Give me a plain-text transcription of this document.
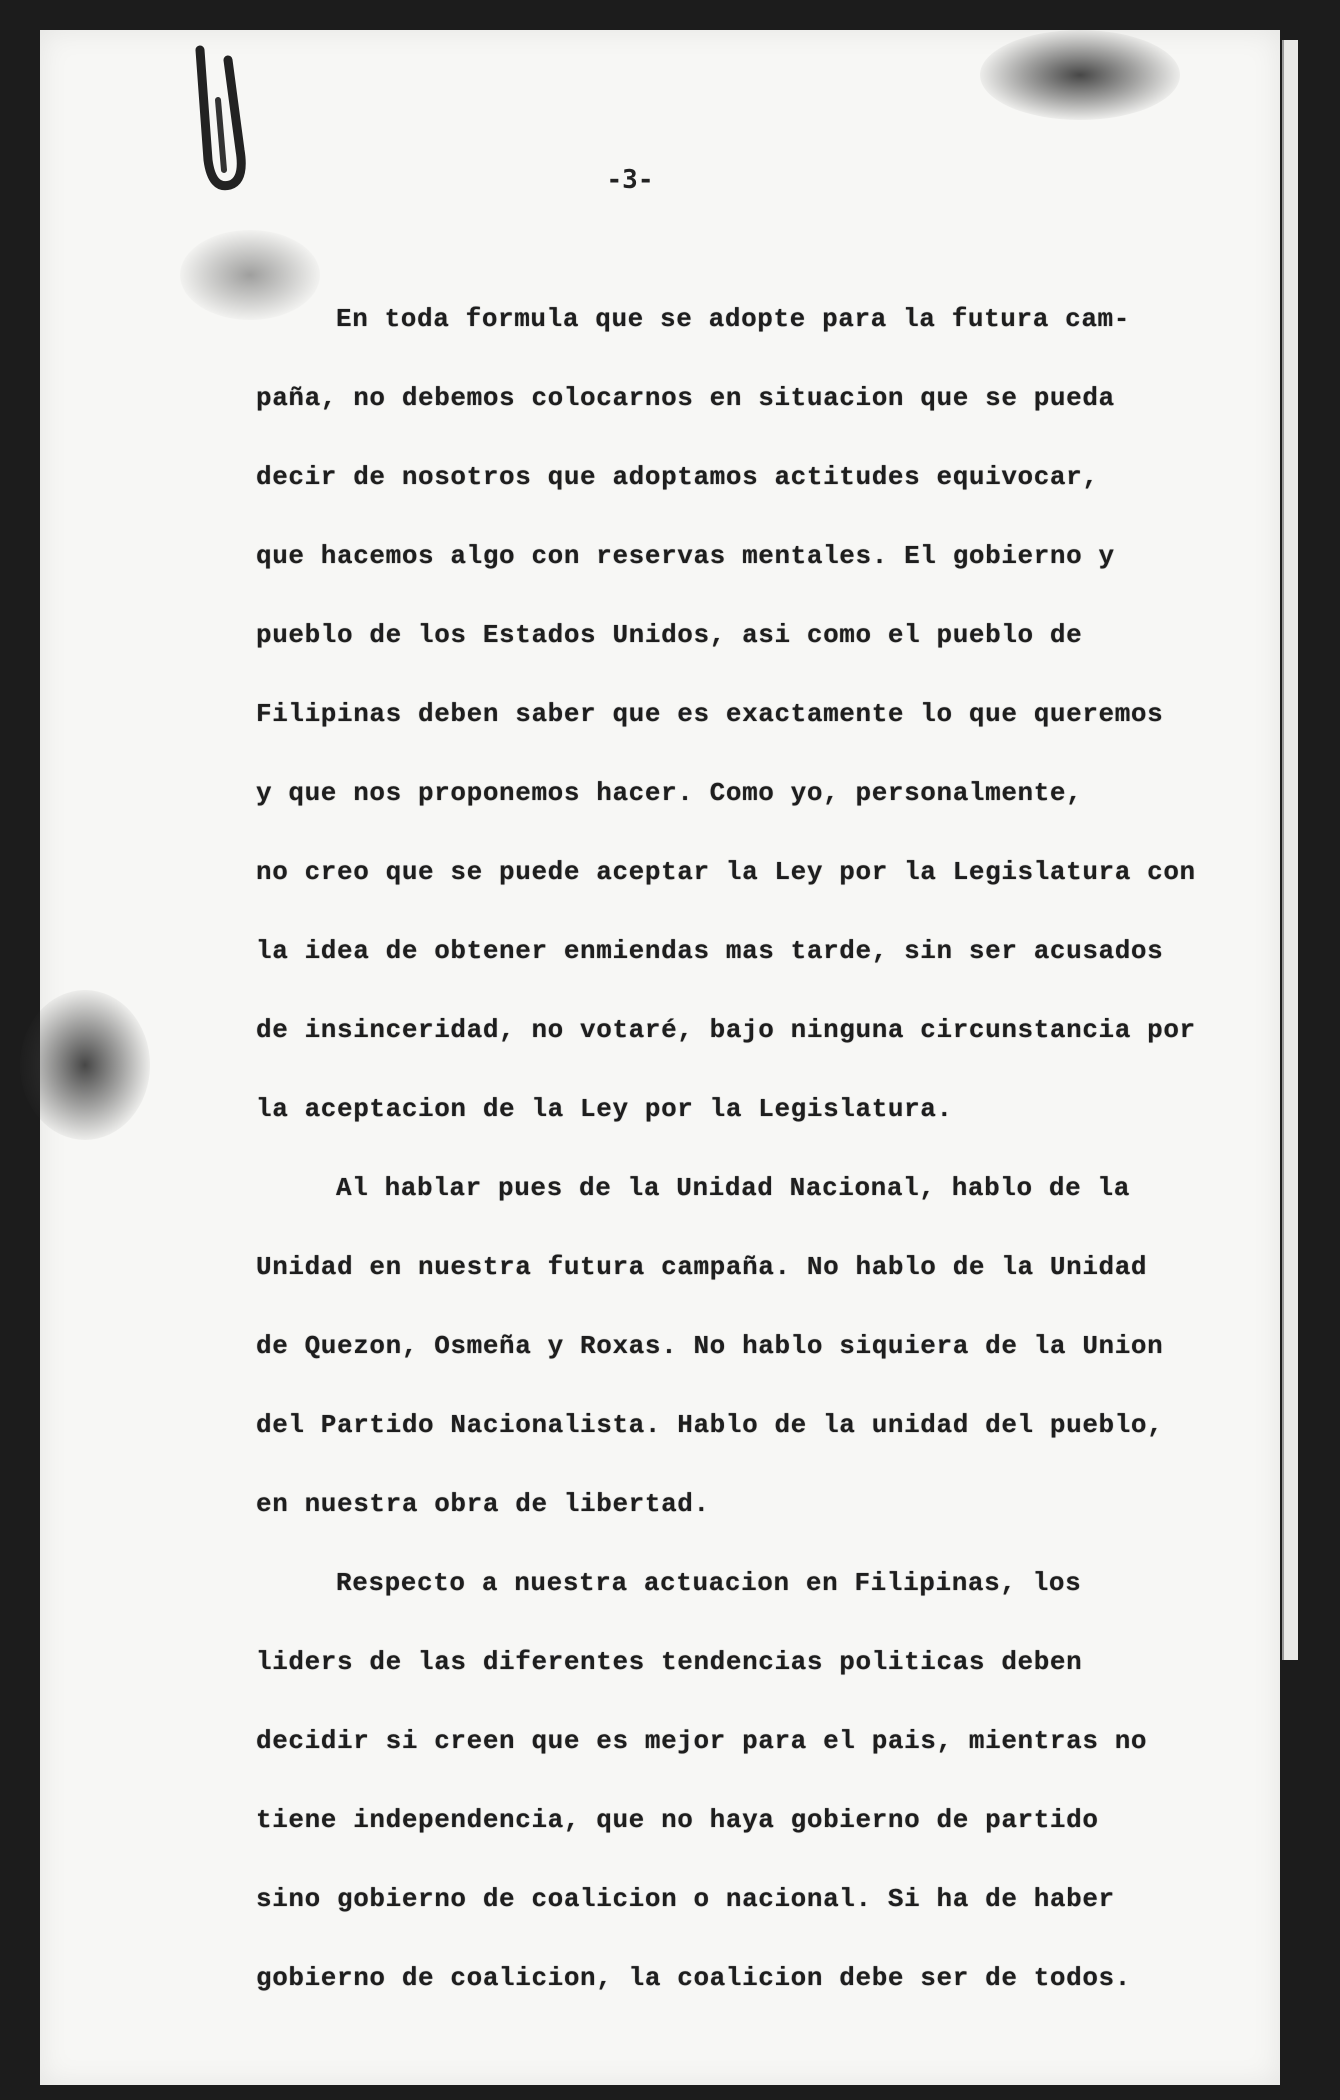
-3-
En toda formula que se adopte para la futura cam-
paña, no debemos colocarnos en situacion que se pueda
decir de nosotros que adoptamos actitudes equivocar,
que hacemos algo con reservas mentales. El gobierno y
pueblo de los Estados Unidos, asi como el pueblo de
Filipinas deben saber que es exactamente lo que queremos
y que nos proponemos hacer. Como yo, personalmente,
no creo que se puede aceptar la Ley por la Legislatura con
la idea de obtener enmiendas mas tarde, sin ser acusados
de insinceridad, no votaré, bajo ninguna circunstancia por
la aceptacion de la Ley por la Legislatura.
Al hablar pues de la Unidad Nacional, hablo de la
Unidad en nuestra futura campaña. No hablo de la Unidad
de Quezon, Osmeña y Roxas. No hablo siquiera de la Union
del Partido Nacionalista. Hablo de la unidad del pueblo,
en nuestra obra de libertad.
Respecto a nuestra actuacion en Filipinas, los
liders de las diferentes tendencias politicas deben
decidir si creen que es mejor para el pais, mientras no
tiene independencia, que no haya gobierno de partido
sino gobierno de coalicion o nacional. Si ha de haber
gobierno de coalicion, la coalicion debe ser de todos.
